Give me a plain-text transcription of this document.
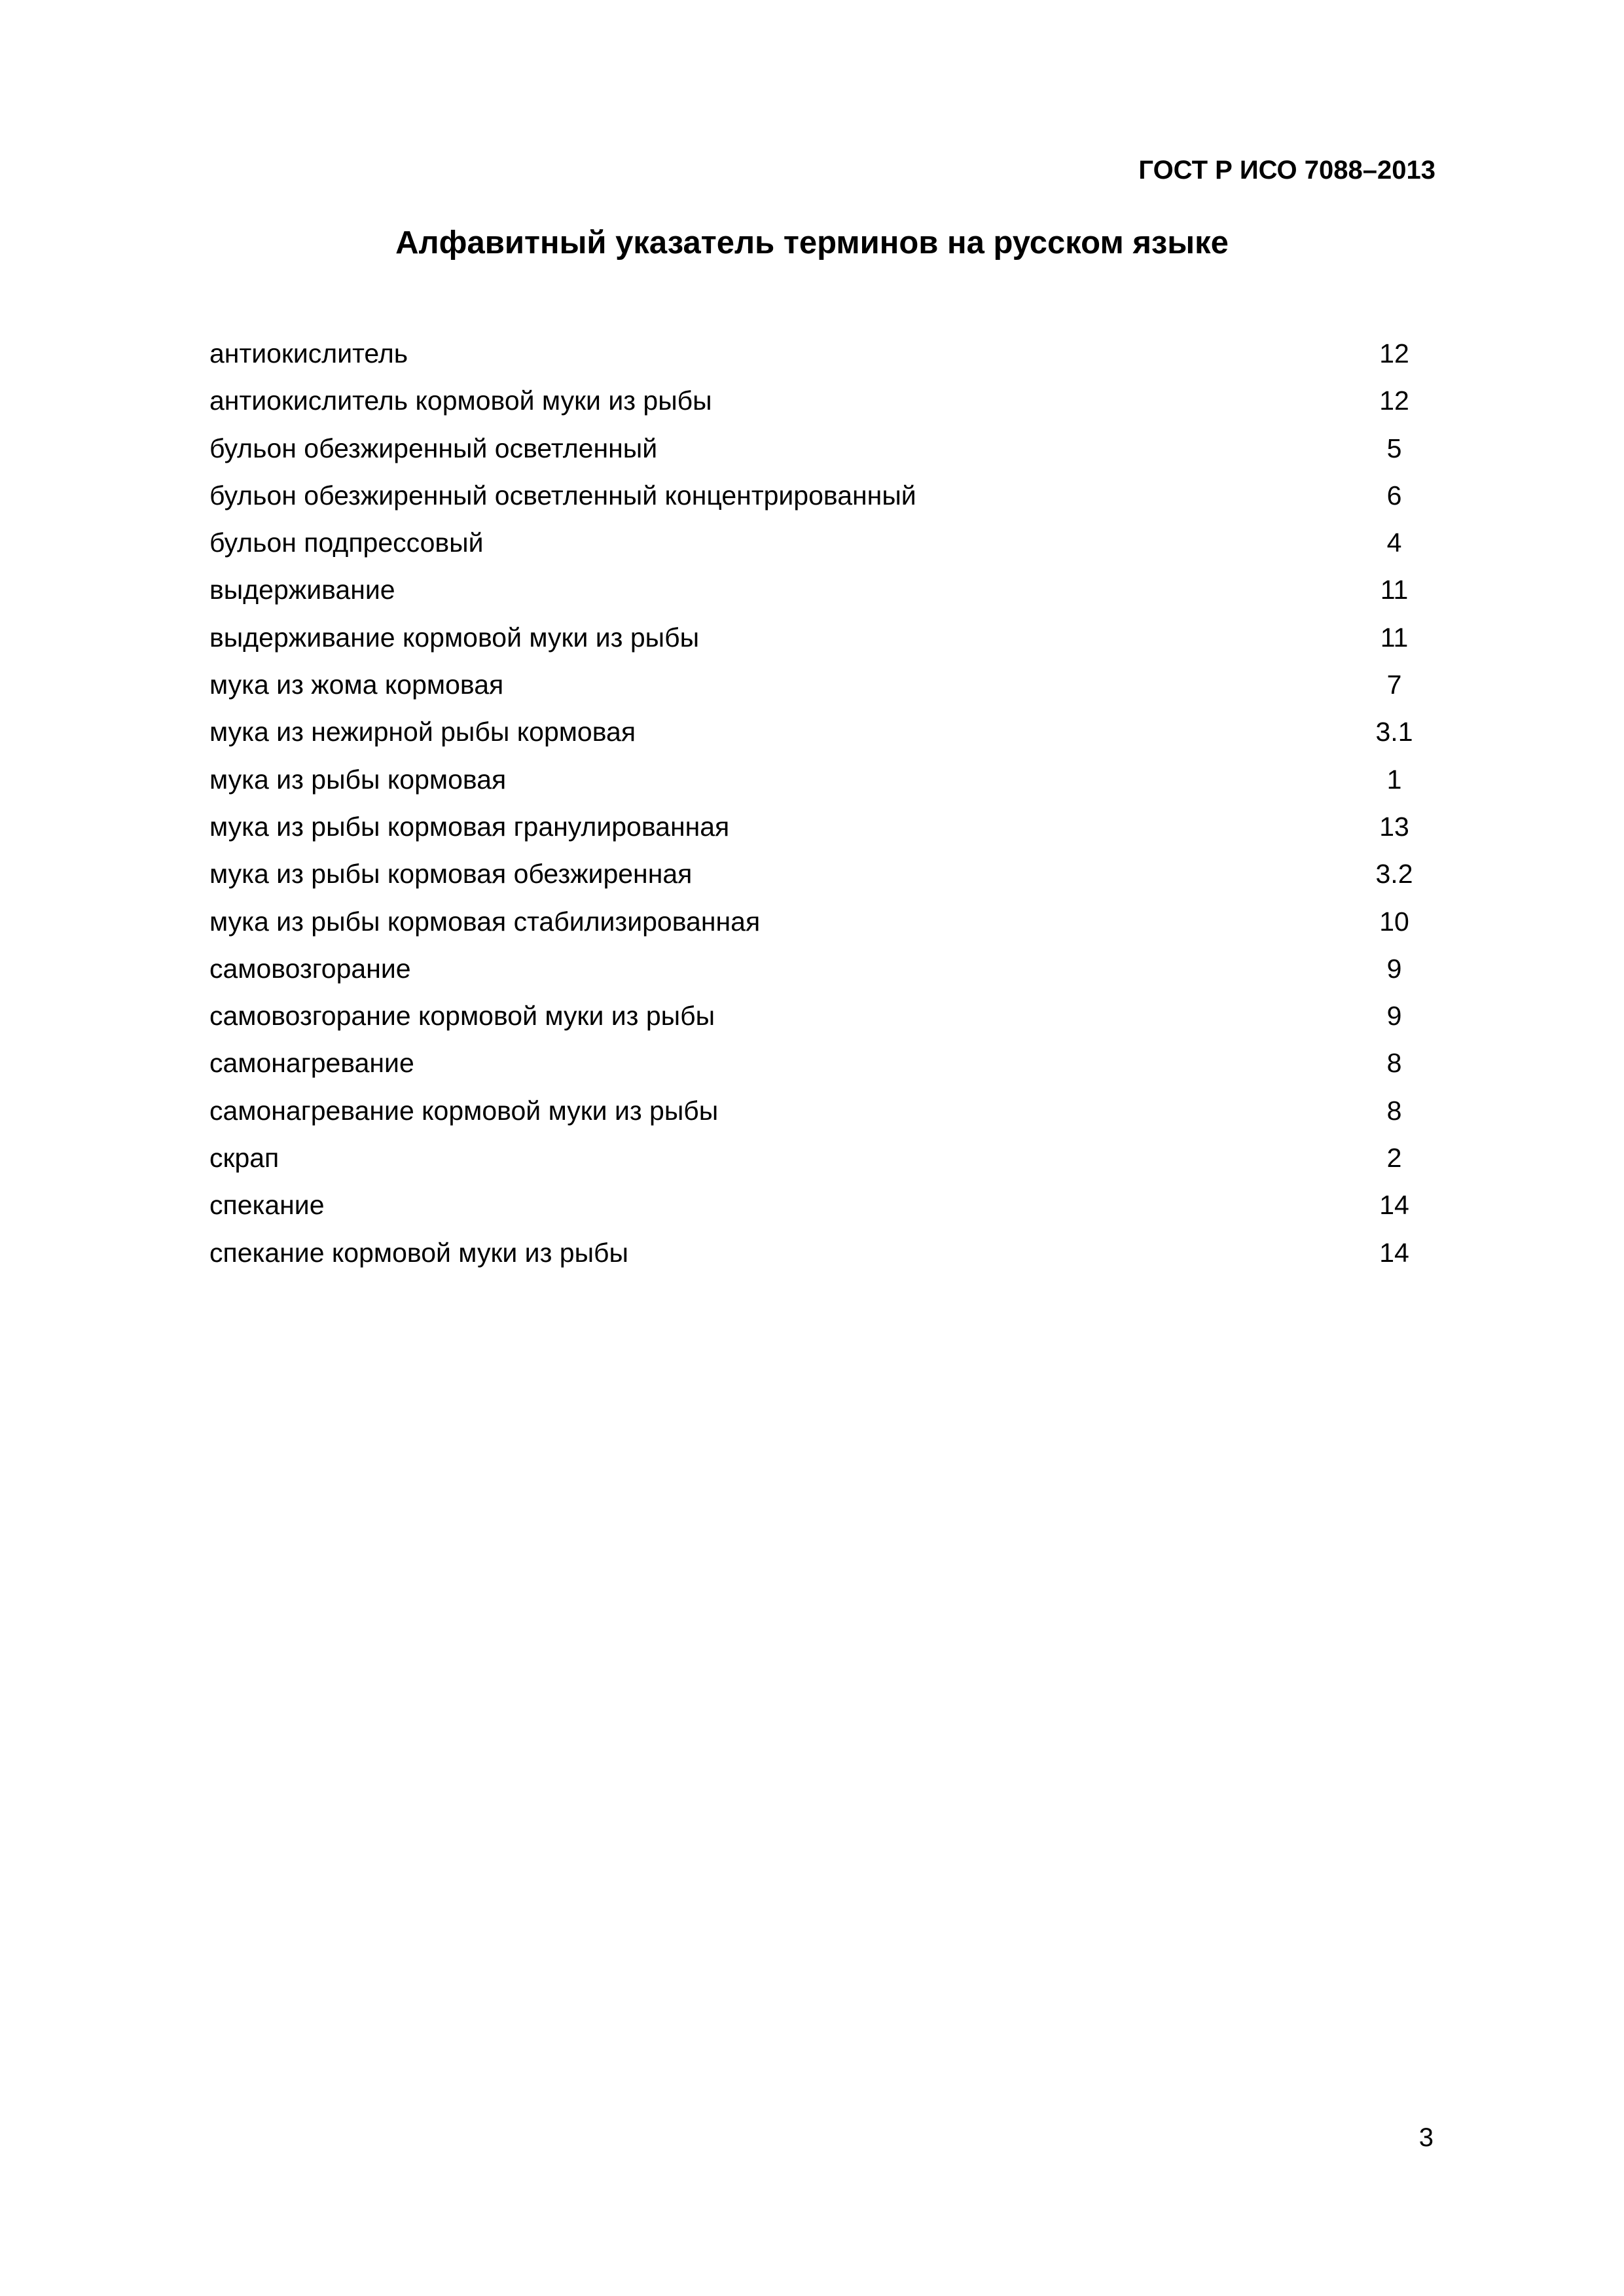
ГОСТ Р ИСО 7088–2013
Алфавитный указатель терминов на русском языке
антиокислитель	12
антиокислитель кормовой муки из рыбы	12
бульон обезжиренный осветленный	5
бульон обезжиренный осветленный концентрированный	6
бульон подпрессовый	4
выдерживание	11
выдерживание кормовой муки из рыбы	11
мука из жома кормовая	7
мука из нежирной рыбы кормовая	3.1
мука из рыбы кормовая	1
мука из рыбы кормовая гранулированная	13
мука из рыбы кормовая обезжиренная	3.2
мука из рыбы кормовая стабилизированная	10
самовозгорание	9
самовозгорание кормовой муки из рыбы	9
самонагревание	8
самонагревание кормовой муки из рыбы	8
скрап	2
спекание	14
спекание кормовой муки из рыбы	14
3
